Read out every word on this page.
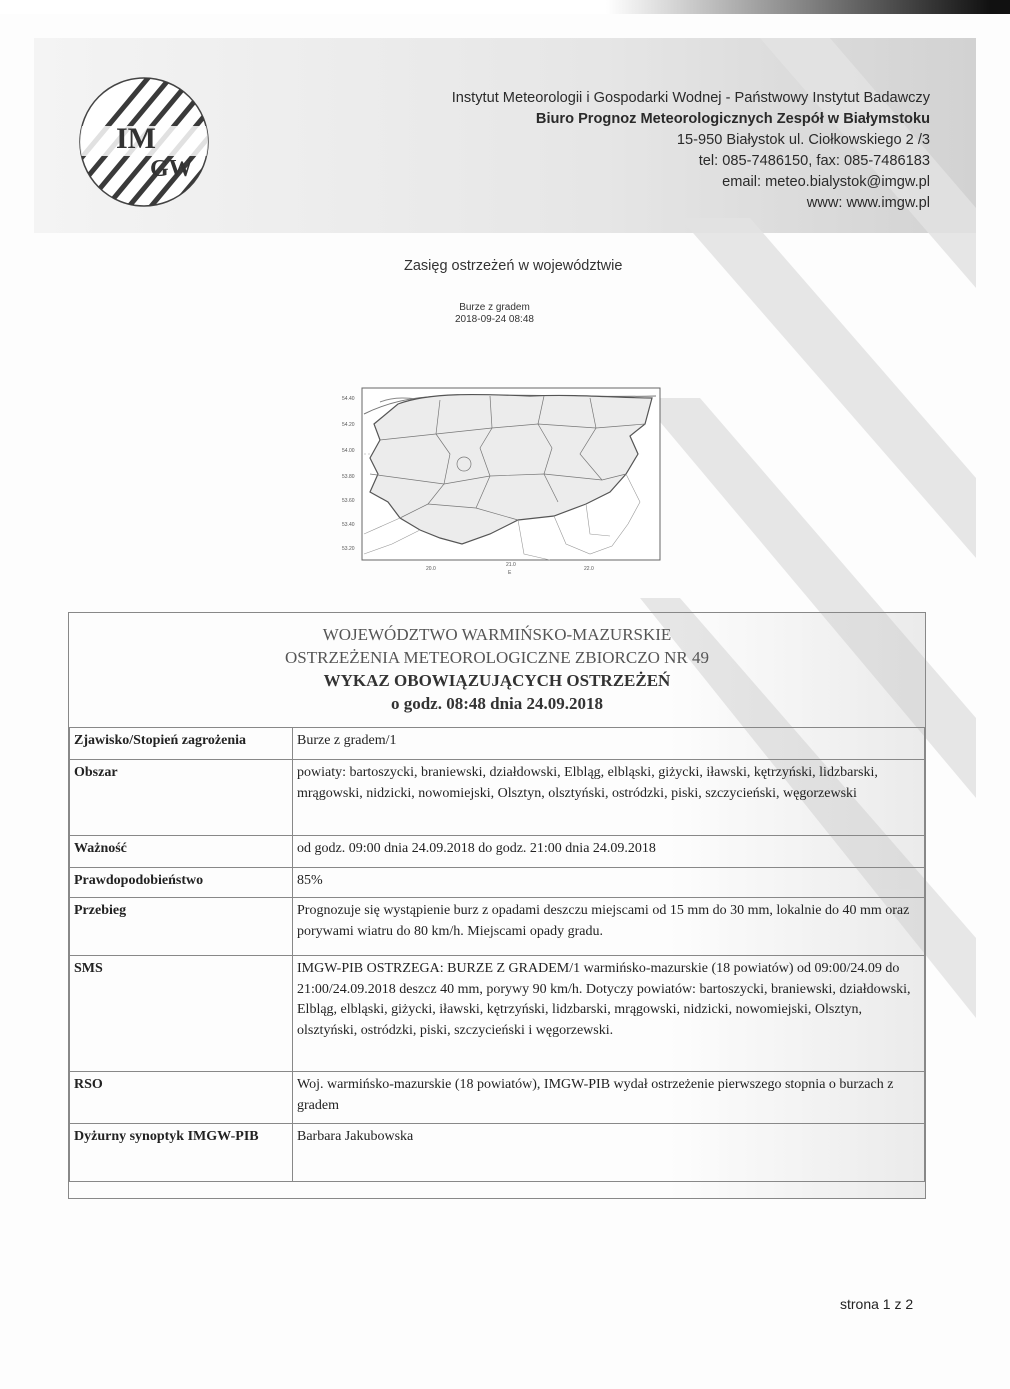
IM
GW
Instytut Meteorologii i Gospodarki Wodnej - Państwowy Instytut Badawczy
Biuro Prognoz Meteorologicznych Zespół w Białymstoku
15-950 Białystok ul. Ciołkowskiego 2 /3
tel: 085-7486150, fax: 085-7486183
email: meteo.bialystok@imgw.pl
www: www.imgw.pl
Zasięg ostrzeżeń w województwie
Burze z gradem
2018-09-24 08:48
54.40
54.20
54.00
53.80
53.60
53.40
53.20
20.0
21.0
E
22.0
WOJEWÓDZTWO WARMIŃSKO-MAZURSKIE
OSTRZEŻENIA METEOROLOGICZNE ZBIORCZO NR 49
WYKAZ OBOWIĄZUJĄCYCH OSTRZEŻEŃ
o godz. 08:48 dnia 24.09.2018
Zjawisko/Stopień zagrożenia	Burze z gradem/1
Obszar	powiaty: bartoszycki, braniewski, działdowski, Elbląg, elbląski, giżycki, iławski, kętrzyński, lidzbarski, mrągowski, nidzicki, nowomiejski, Olsztyn, olsztyński, ostródzki, piski, szczycieński, węgorzewski
Ważność	od godz. 09:00 dnia 24.09.2018 do godz. 21:00 dnia 24.09.2018
Prawdopodobieństwo	85%
Przebieg	Prognozuje się wystąpienie burz z opadami deszczu miejscami od 15 mm do 30 mm, lokalnie do 40 mm oraz porywami wiatru do 80 km/h. Miejscami opady gradu.
SMS	IMGW-PIB OSTRZEGA: BURZE Z GRADEM/1 warmińsko-mazurskie (18 powiatów) od 09:00/24.09 do 21:00/24.09.2018 deszcz 40 mm, porywy 90 km/h. Dotyczy powiatów: bartoszycki, braniewski, działdowski, Elbląg, elbląski, giżycki, iławski, kętrzyński, lidzbarski, mrągowski, nidzicki, nowomiejski, Olsztyn, olsztyński, ostródzki, piski, szczycieński i węgorzewski.
RSO	Woj. warmińsko-mazurskie (18 powiatów), IMGW-PIB wydał ostrzeżenie pierwszego stopnia o burzach z gradem
Dyżurny synoptyk IMGW-PIB	Barbara Jakubowska
strona 1 z 2
